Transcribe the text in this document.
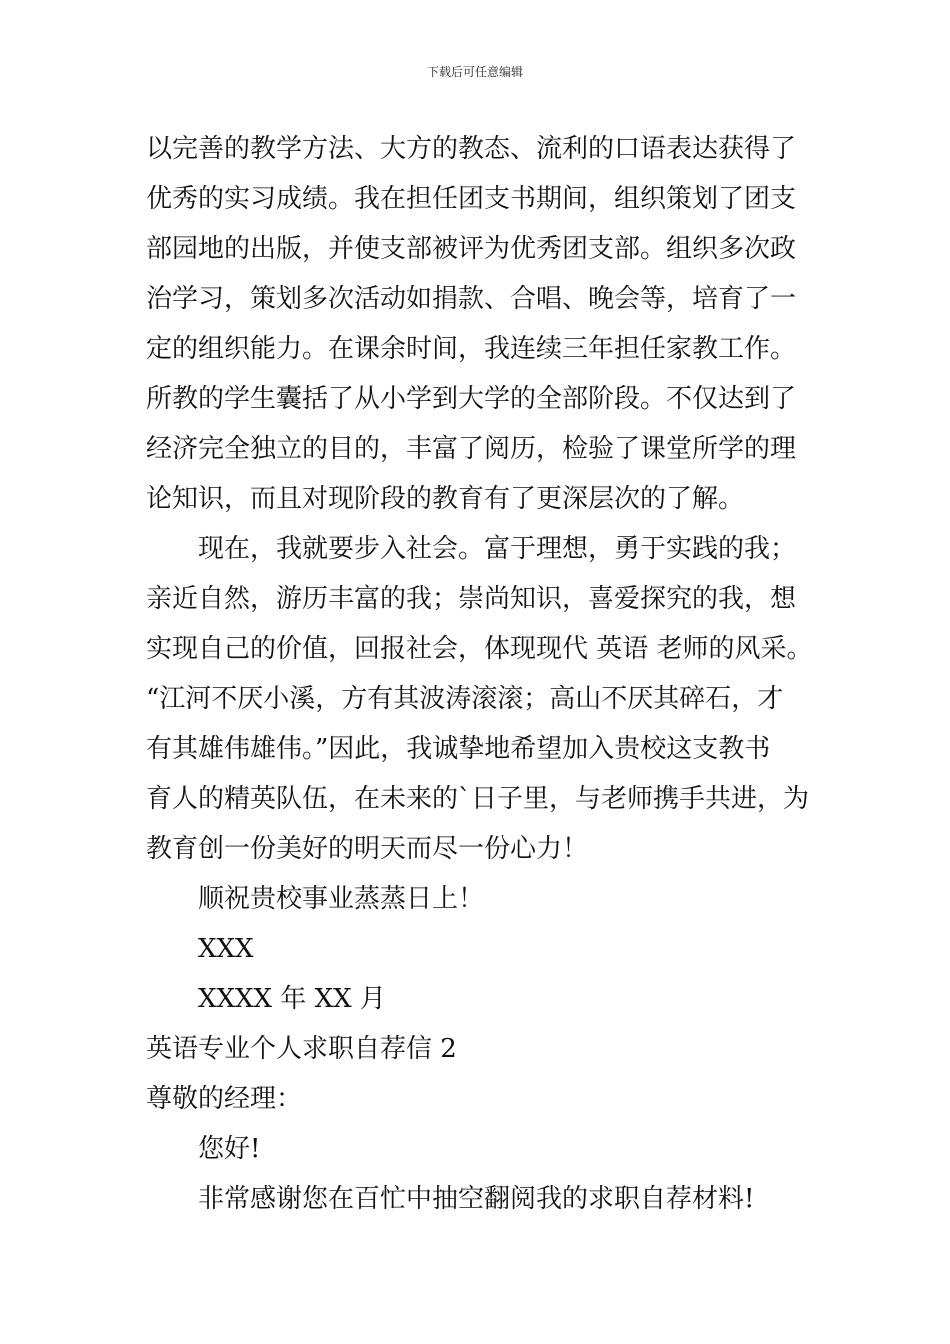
下载后可任意编辑
以完善的教学方法、大方的教态、流利的口语表达获得了
优秀的实习成绩。我在担任团支书期间，组织策划了团支
部园地的出版，并使支部被评为优秀团支部。组织多次政
治学习，策划多次活动如捐款、合唱、晚会等，培育了一
定的组织能力。在课余时间，我连续三年担任家教工作。
所教的学生囊括了从小学到大学的全部阶段。不仅达到了
经济完全独立的目的，丰富了阅历，检验了课堂所学的理
论知识，而且对现阶段的教育有了更深层次的了解。
现在，我就要步入社会。富于理想，勇于实践的我；
亲近自然，游历丰富的我；崇尚知识，喜爱探究的我，想
实现自己的价值，回报社会，体现现代 英语 老师的风采。
“江河不厌小溪，方有其波涛滚滚；高山不厌其碎石，才
有其雄伟雄伟。”因此，我诚挚地希望加入贵校这支教书
育人的精英队伍，在未来的`日子里，与老师携手共进，为
教育创一份美好的明天而尽一份心力！
顺祝贵校事业蒸蒸日上！
XXX
XXXX 年 XX 月
英语专业个人求职自荐信 2
尊敬的经理：
您好!
非常感谢您在百忙中抽空翻阅我的求职自荐材料!
